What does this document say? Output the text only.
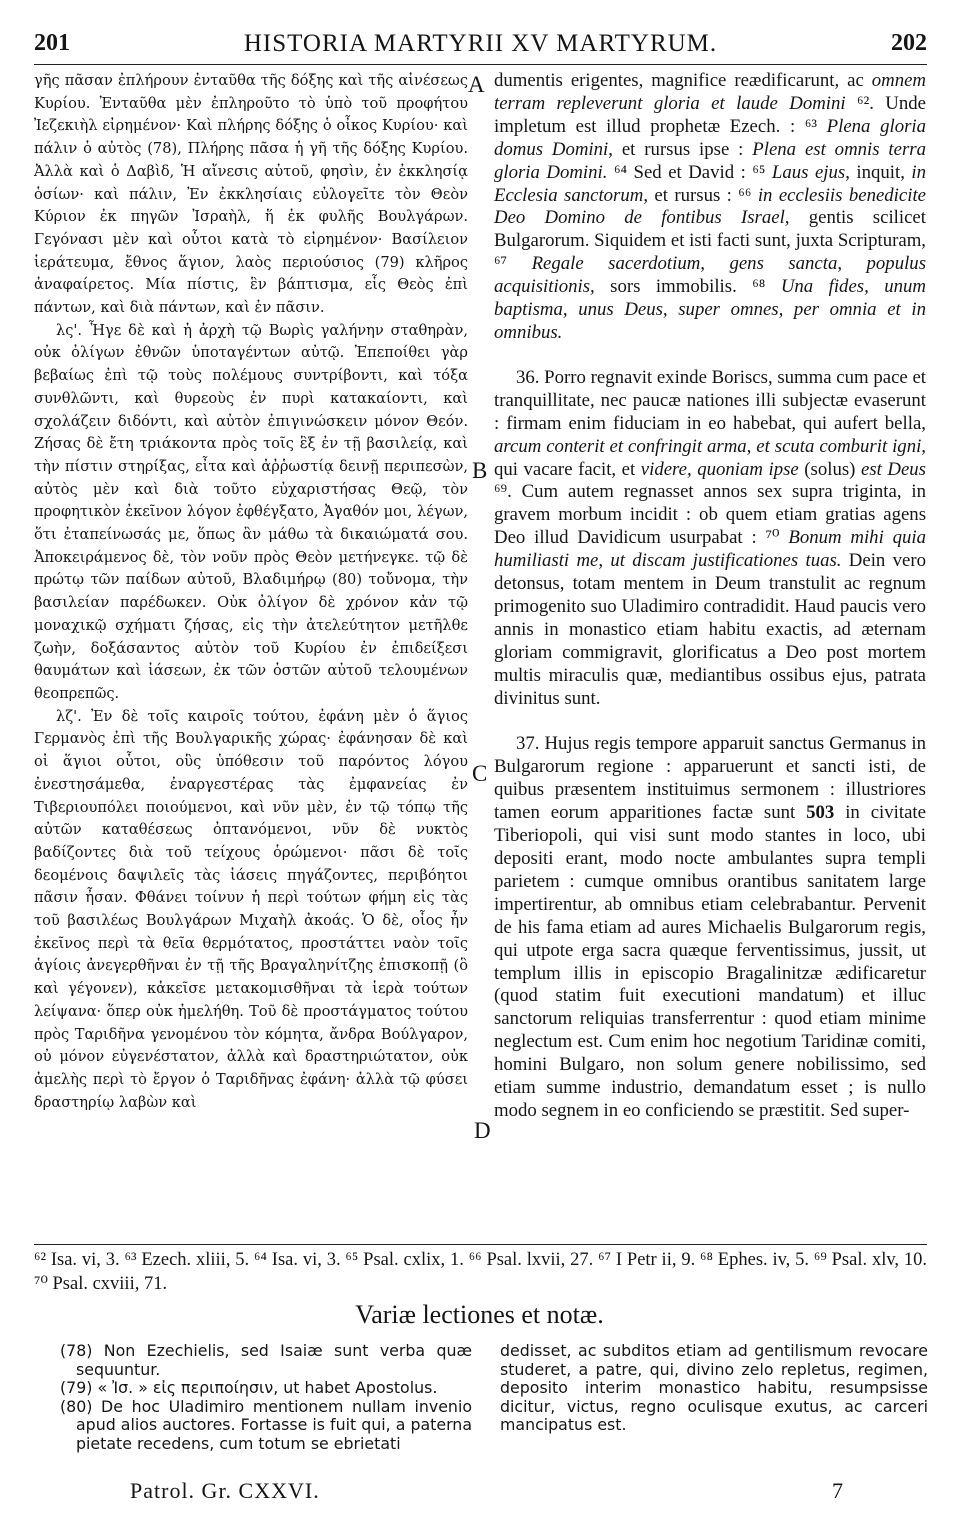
201	HISTORIA MARTYRII XV MARTYRUM.	202

γῆς πᾶσαν ἐπλήρουν ἐνταῦθα τῆς δόξης καὶ τῆς αἰνέσεως Κυρίου. Ἐνταῦθα μὲν ἐπληροῦτο τὸ ὑπὸ τοῦ προφήτου Ἰεζεκιὴλ εἰρημένον· Καὶ πλήρης δόξης ὁ οἶκος Κυρίου· καὶ πάλιν ὁ αὐτὸς (78), Πλήρης πᾶσα ἡ γῆ τῆς δόξης Κυρίου. Ἀλλὰ καὶ ὁ Δαβὶδ, Ἡ αἴνεσις αὐτοῦ, φησὶν, ἐν ἐκκλησίᾳ ὁσίων· καὶ πάλιν, Ἐν ἐκκλησίαις εὐλογεῖτε τὸν Θεὸν Κύριον ἐκ πηγῶν Ἰσραὴλ, ἥ ἐκ φυλῆς Βουλγάρων. Γεγόνασι μὲν καὶ οὗτοι κατὰ τὸ εἰρημένον· Βασίλειον ἱεράτευμα, ἔθνος ἅγιον, λαὸς περιούσιος (79) κλῆρος ἀναφαίρετος. Μία πίστις, ἓν βάπτισμα, εἷς Θεὸς ἐπὶ πάντων, καὶ διὰ πάντων, καὶ ἐν πᾶσιν.

λς'. Ἦγε δὲ καὶ ἡ ἀρχὴ τῷ Βωρὶς γαλήνην σταθηρὰν, οὐκ ὀλίγων ἐθνῶν ὑποταγέντων αὐτῷ. Ἐπεποίθει γὰρ βεβαίως ἐπὶ τῷ τοὺς πολέμους συντρίβοντι, καὶ τόξα συνθλῶντι, καὶ θυρεοὺς ἐν πυρὶ κατακαίοντι, καὶ σχολάζειν διδόντι, καὶ αὐτὸν ἐπιγινώσκειν μόνον Θεόν. Ζήσας δὲ ἔτη τριάκοντα πρὸς τοῖς ἓξ ἐν τῇ βασιλείᾳ, καὶ τὴν πίστιν στηρίξας, εἶτα καὶ ἀῤῥωστίᾳ δεινῇ περιπεσὼν, αὐτὸς μὲν καὶ διὰ τοῦτο εὐχαριστήσας Θεῷ, τὸν προφητικὸν ἐκεῖνον λόγον ἐφθέγξατο, Ἀγαθόν μοι, λέγων, ὅτι ἐταπείνωσάς με, ὅπως ἂν μάθω τὰ δικαιώματά σου. Ἀποκειράμενος δὲ, τὸν νοῦν πρὸς Θεὸν μετήνεγκε. τῷ δὲ πρώτῳ τῶν παίδων αὐτοῦ, Βλαδιμήρῳ (80) τοὔνομα, τὴν βασιλείαν παρέδωκεν. Οὐκ ὀλίγον δὲ χρόνον κἀν τῷ μοναχικῷ σχήματι ζήσας, εἰς τὴν ἀτελεύτητον μετῆλθε ζωὴν, δοξάσαντος αὐτὸν τοῦ Κυρίου ἐν ἐπιδείξεσι θαυμάτων καὶ ἰάσεων, ἐκ τῶν ὀστῶν αὐτοῦ τελουμένων θεοπρεπῶς.

λζ'. Ἐν δὲ τοῖς καιροῖς τούτου, ἐφάνη μὲν ὁ ἅγιος Γερμανὸς ἐπὶ τῆς Βουλγαρικῆς χώρας· ἐφάνησαν δὲ καὶ οἱ ἅγιοι οὗτοι, οὓς ὑπόθεσιν τοῦ παρόντος λόγου ἐνεστησάμεθα, ἐναργεστέρας τὰς ἐμφανείας ἐν Τιβεριουπόλει ποιούμενοι, καὶ νῦν μὲν, ἐν τῷ τόπῳ τῆς αὐτῶν καταθέσεως ὀπτανόμενοι, νῦν δὲ νυκτὸς βαδίζοντες διὰ τοῦ τείχους ὁρώμενοι· πᾶσι δὲ τοῖς δεομένοις δαψιλεῖς τὰς ἰάσεις πηγάζοντες, περιβόητοι πᾶσιν ἦσαν. Φθάνει τοίνυν ἡ περὶ τούτων φήμη εἰς τὰς τοῦ βασιλέως Βουλγάρων Μιχαὴλ ἀκοάς. Ὁ δὲ, οἷος ἦν ἐκεῖνος περὶ τὰ θεῖα θερμότατος, προστάττει ναὸν τοῖς ἁγίοις ἀνεγερθῆναι ἐν τῇ τῆς Βραγαληνίτζης ἐπισκοπῇ (ὃ καὶ γέγονεν), κἀκεῖσε μετακομισθῆναι τὰ ἱερὰ τούτων λείψανα· ὅπερ οὐκ ἠμελήθη. Τοῦ δὲ προστάγματος τούτου πρὸς Ταριδῆνα γενομένου τὸν κόμητα, ἄνδρα Βούλγαρον, οὐ μόνον εὐγενέστατον, ἀλλὰ καὶ δραστηριώτατον, οὐκ ἀμελὴς περὶ τὸ ἔργον ὁ Ταριδῆνας ἐφάνη· ἀλλὰ τῷ φύσει δραστηρίῳ λαβὼν καὶ

A
B
C
D

dumentis erigentes, magnifice reædificarunt, ac omnem terram repleverunt gloria et laude Domini ⁶². Unde impletum est illud prophetæ Ezech. : ⁶³ Plena gloria domus Domini, et rursus ipse : Plena est omnis terra gloria Domini. ⁶⁴ Sed et David : ⁶⁵ Laus ejus, inquit, in Ecclesia sanctorum, et rursus : ⁶⁶ in ecclesiis benedicite Deo Domino de fontibus Israel, gentis scilicet Bulgarorum. Siquidem et isti facti sunt, juxta Scripturam, ⁶⁷ Regale sacerdotium, gens sancta, populus acquisitionis, sors immobilis. ⁶⁸ Una fides, unum baptisma, unus Deus, super omnes, per omnia et in omnibus.

36. Porro regnavit exinde Boriscs, summa cum pace et tranquillitate, nec paucæ nationes illi subjectæ evaserunt : firmam enim fiduciam in eo habebat, qui aufert bella, arcum conterit et confringit arma, et scuta comburit igni, qui vacare facit, et videre, quoniam ipse (solus) est Deus ⁶⁹. Cum autem regnasset annos sex supra triginta, in gravem morbum incidit : ob quem etiam gratias agens Deo illud Davidicum usurpabat : ⁷⁰ Bonum mihi quia humiliasti me, ut discam justificationes tuas. Dein vero detonsus, totam mentem in Deum transtulit ac regnum primogenito suo Uladimiro contradidit. Haud paucis vero annis in monastico etiam habitu exactis, ad æternam gloriam commigravit, glorificatus a Deo post mortem multis miraculis quæ, mediantibus ossibus ejus, patrata divinitus sunt.

37. Hujus regis tempore apparuit sanctus Germanus in Bulgarorum regione : apparuerunt et sancti isti, de quibus præsentem instituimus sermonem : illustriores tamen eorum apparitiones factæ sunt 503 in civitate Tiberiopoli, qui visi sunt modo stantes in loco, ubi depositi erant, modo nocte ambulantes supra templi parietem : cumque omnibus orantibus sanitatem large impertirentur, ab omnibus etiam celebrabantur. Pervenit de his fama etiam ad aures Michaelis Bulgarorum regis, qui utpote erga sacra quæque ferventissimus, jussit, ut templum illis in episcopio Bragalinitzæ ædificaretur (quod statim fuit executioni mandatum) et illuc sanctorum reliquias transferrentur : quod etiam minime neglectum est. Cum enim hoc negotium Taridinæ comiti, homini Bulgaro, non solum genere nobilissimo, sed etiam summe industrio, demandatum esset ; is nullo modo segnem in eo conficiendo se præstitit. Sed super-

⁶² Isa. vi, 3. ⁶³ Ezech. xliii, 5. ⁶⁴ Isa. vi, 3. ⁶⁵ Psal. cxlix, 1. ⁶⁶ Psal. lxvii, 27. ⁶⁷ I Petr ii, 9. ⁶⁸ Ephes. iv, 5. ⁶⁹ Psal. xlv, 10. ⁷⁰ Psal. cxviii, 71.
Variæ lectiones et notæ.

(78) Non Ezechielis, sed Isaiæ sunt verba quæ sequuntur.

(79) « Ἰσ. » εἰς περιποίησιν, ut habet Apostolus.

(80) De hoc Uladimiro mentionem nullam invenio apud alios auctores. Fortasse is fuit qui, a paterna pietate recedens, cum totum se ebrietati

dedisset, ac subditos etiam ad gentilismum revocare studeret, a patre, qui, divino zelo repletus, regimen, deposito interim monastico habitu, resumpsisse dicitur, victus, regno oculisque exutus, ac carceri mancipatus est.

Patrol. Gr. CXXVI.	7
